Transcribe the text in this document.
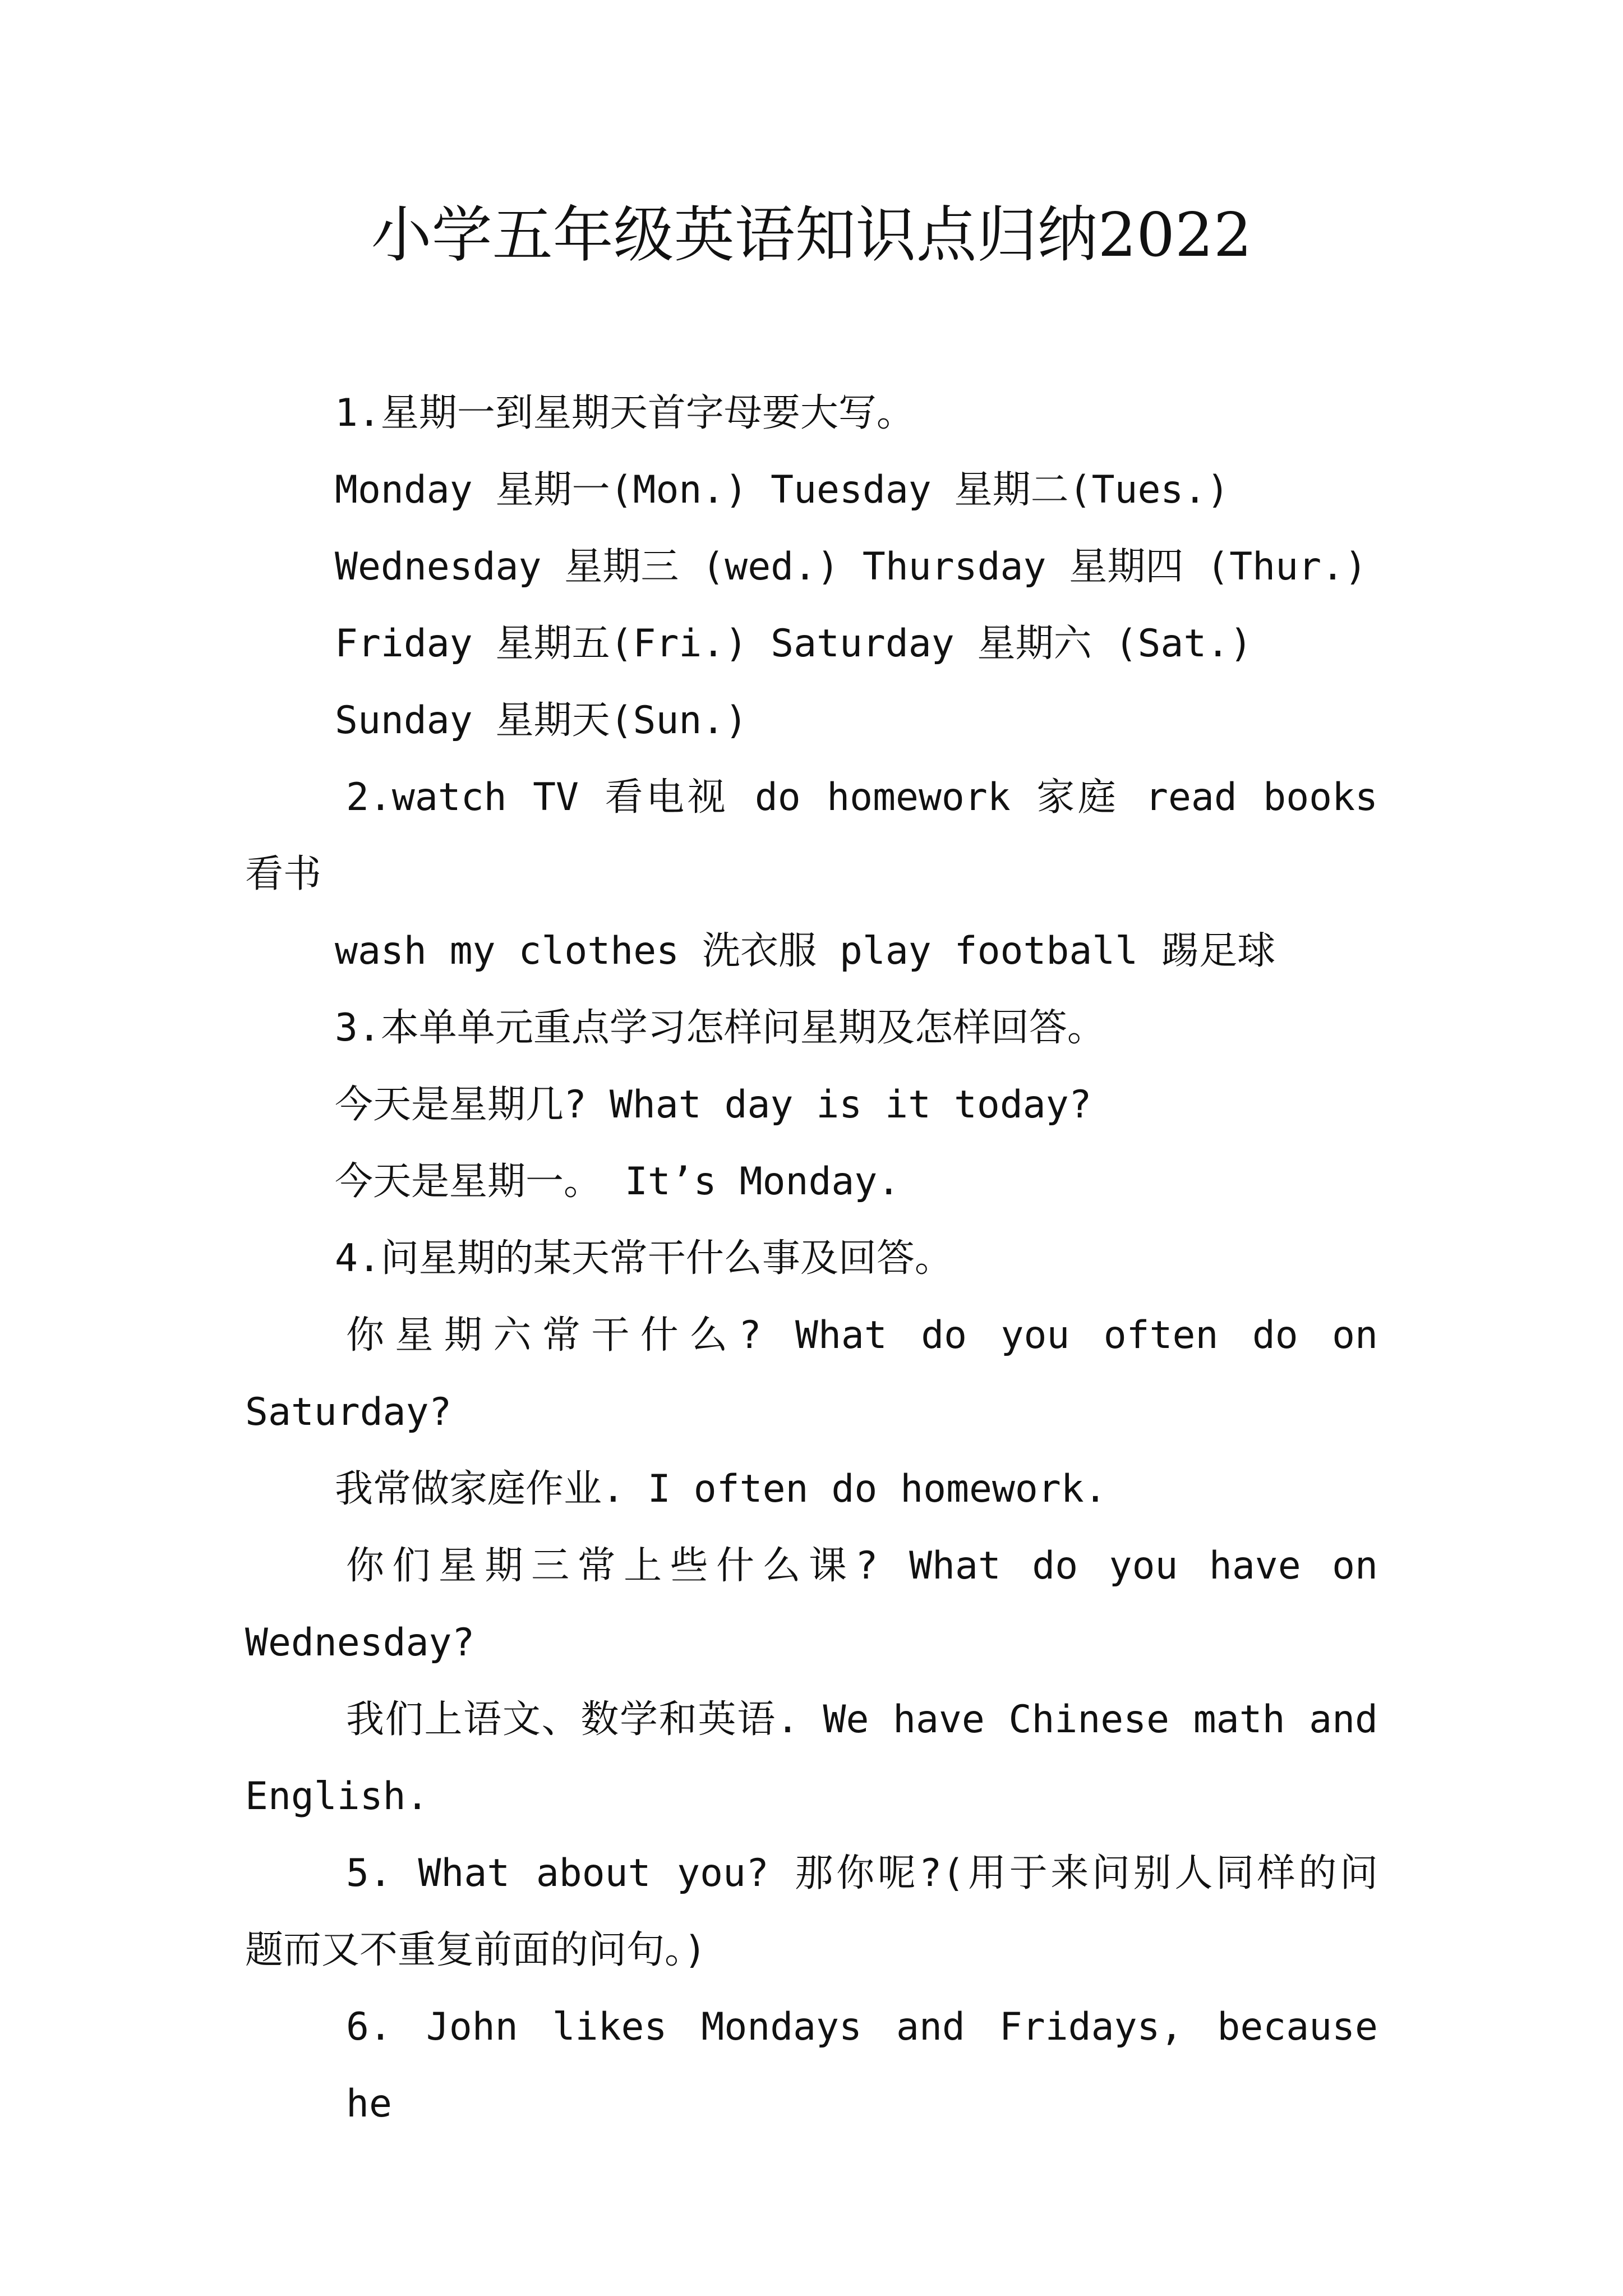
小学五年级英语知识点归纳2022

1.星期一到星期天首字母要大写。

Monday 星期一(Mon.) Tuesday 星期二(Tues.)

Wednesday 星期三 (wed.) Thursday 星期四 (Thur.)

Friday 星期五(Fri.) Saturday 星期六 (Sat.)

Sunday 星期天(Sun.)

2.watch TV 看电视 do homework 家庭 read books

看书

wash my clothes 洗衣服 play football 踢足球

3.本单单元重点学习怎样问星期及怎样回答。

今天是星期几? What day is it today?

今天是星期一。 It’s Monday.

4.问星期的某天常干什么事及回答。

你星期六常干什么? What do you often do on

Saturday?

我常做家庭作业. I often do homework.

你们星期三常上些什么课? What do you have on

Wednesday?

我们上语文、数学和英语. We have Chinese math and

English.

5. What about you? 那你呢?(用于来问别人同样的问

题而又不重复前面的问句。)

6. John likes Mondays and Fridays, because he
